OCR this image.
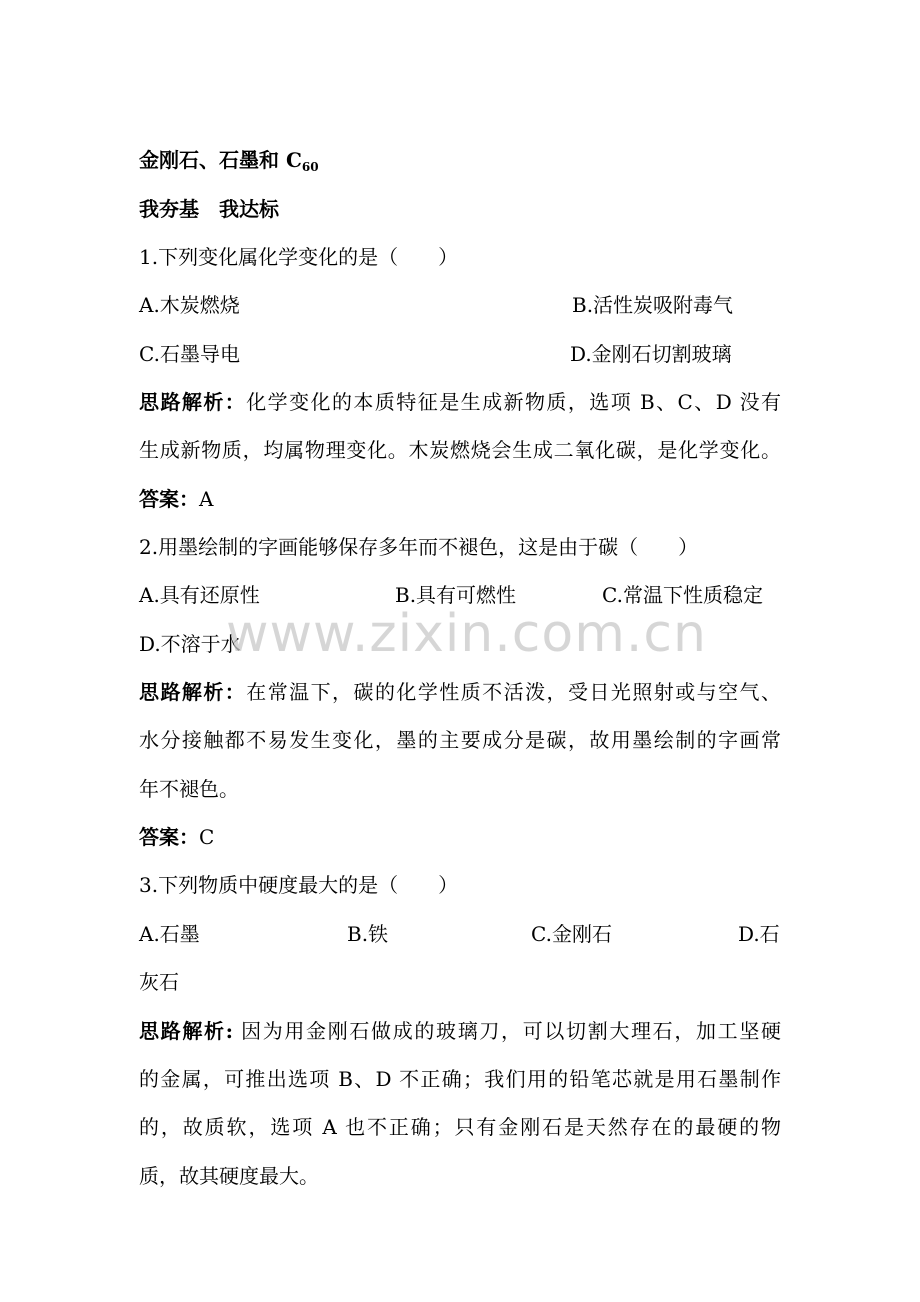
金刚石、石墨和 $C_{60}$
我夯基　我达标
1.下列变化属化学变化的是（　　）
A.木炭燃烧	B.活性炭吸附毒气
C.石墨导电	D.金刚石切割玻璃
思路解析：化学变化的本质特征是生成新物质，选项 B、C、D 没有
生成新物质，均属物理变化。木炭燃烧会生成二氧化碳，是化学变化。
答案：A
2.用墨绘制的字画能够保存多年而不褪色，这是由于碳（　　）
A.具有还原性	B.具有可燃性	C.常温下性质稳定
D.不溶于水
思路解析：在常温下，碳的化学性质不活泼，受日光照射或与空气、
水分接触都不易发生变化，墨的主要成分是碳，故用墨绘制的字画常
年不褪色。
答案：C
3.下列物质中硬度最大的是（　　）
A.石墨	B.铁	C.金刚石	D.石
灰石
思路解析: 因为用金刚石做成的玻璃刀，可以切割大理石，加工坚硬
的金属，可推出选项 B、D 不正确；我们用的铅笔芯就是用石墨制作
的，故质软，选项 A 也不正确；只有金刚石是天然存在的最硬的物
质，故其硬度最大。
www.zixin.com.cn
